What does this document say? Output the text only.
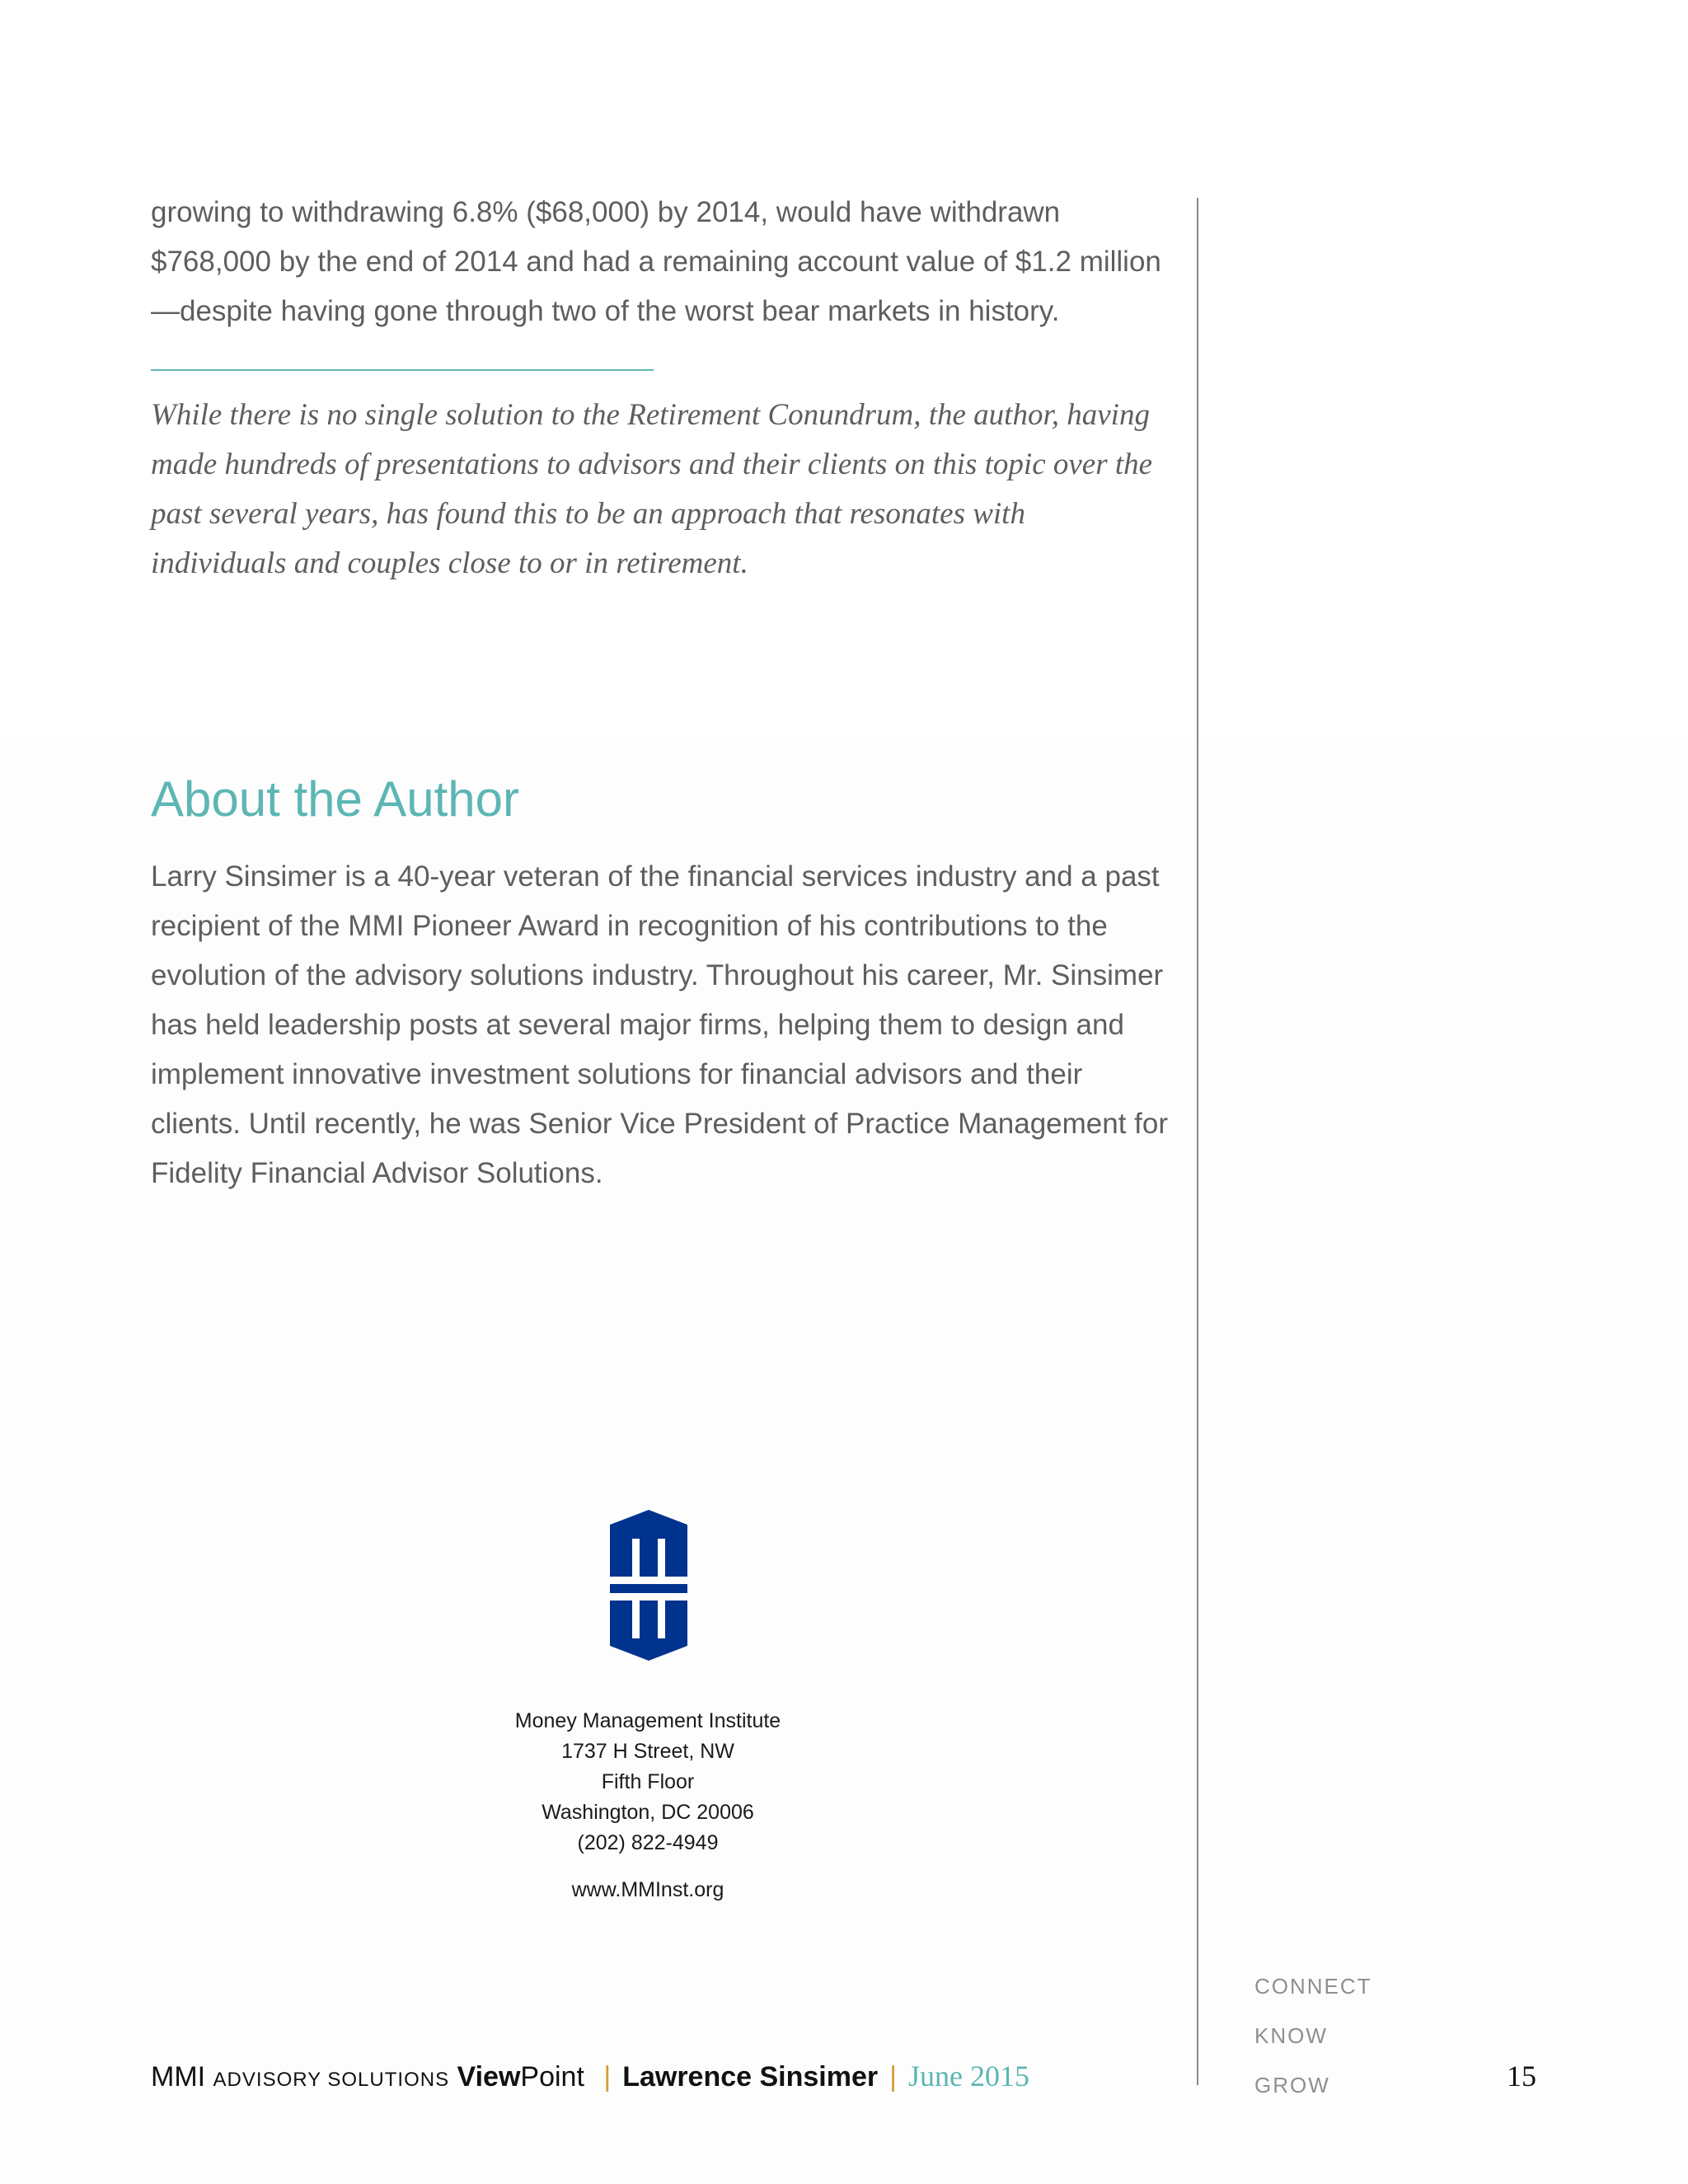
growing to withdrawing 6.8% ($68,000) by 2014, would have withdrawn $768,000 by the end of 2014 and had a remaining account value of $1.2 million—despite having gone through two of the worst bear markets in history.

While there is no single solution to the Retirement Conundrum, the author, having made hundreds of presentations to advisors and their clients on this topic over the past several years, has found this to be an approach that resonates with individuals and couples close to or in retirement.

About the Author

Larry Sinsimer is a 40-year veteran of the financial services industry and a past recipient of the MMI Pioneer Award in recognition of his contributions to the evolution of the advisory solutions industry. Throughout his career, Mr. Sinsimer has held leadership posts at several major firms, helping them to design and implement innovative investment solutions for financial advisors and their clients. Until recently, he was Senior Vice President of Practice Management for Fidelity Financial Advisor Solutions.

Money Management Institute
1737 H Street, NW
Fifth Floor
Washington, DC 20006
(202) 822-4949
www.MMInst.org
CONNECT
KNOW
GROW
MMI ADVISORY SOLUTIONS ViewPoint | Lawrence Sinsimer | June 2015	15
